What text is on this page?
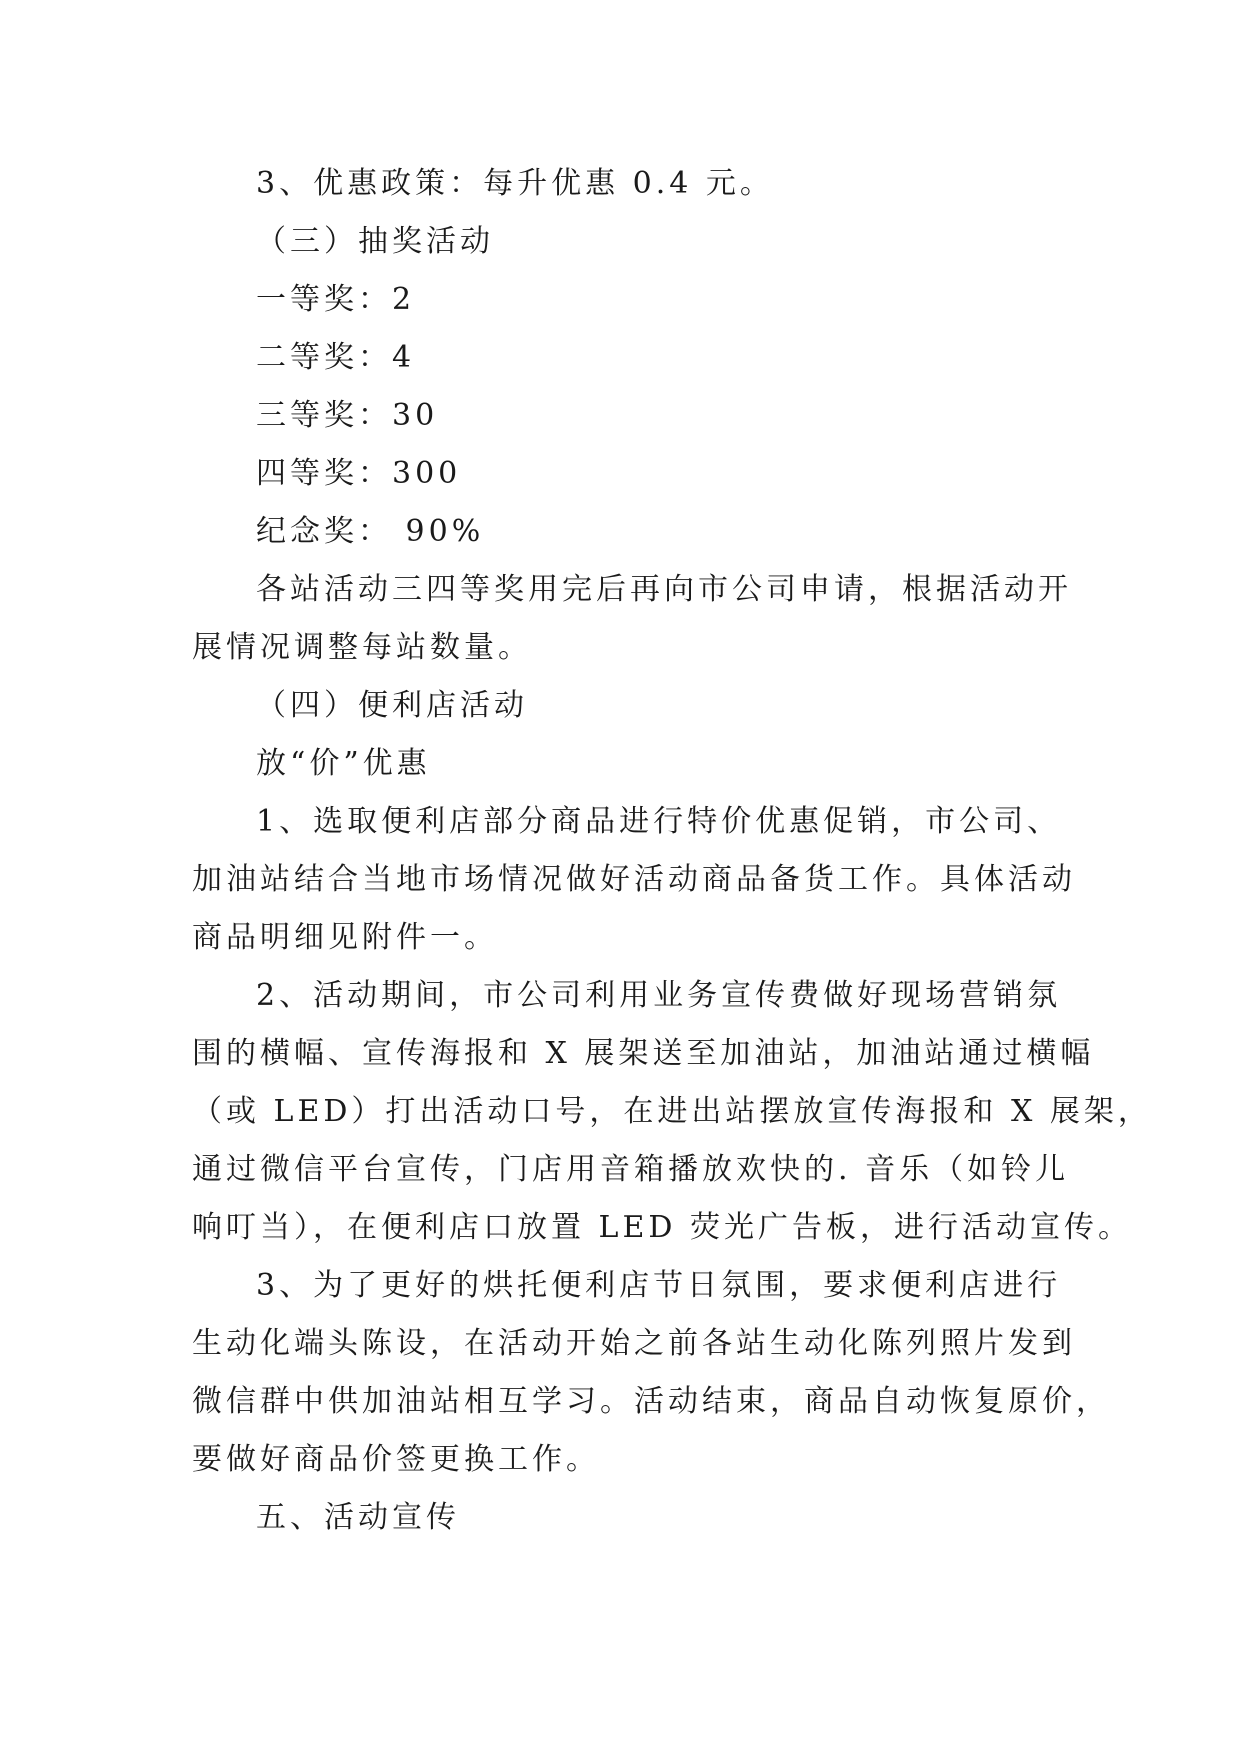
3、优惠政策：每升优惠 0.4 元。
（三）抽奖活动
一等奖：2
二等奖：4
三等奖：30
四等奖：300
纪念奖： 90%
各站活动三四等奖用完后再向市公司申请，根据活动开
展情况调整每站数量。
（四）便利店活动
放“价”优惠
1、选取便利店部分商品进行特价优惠促销，市公司、
加油站结合当地市场情况做好活动商品备货工作。具体活动
商品明细见附件一。
2、活动期间，市公司利用业务宣传费做好现场营销氛
围的横幅、宣传海报和 X 展架送至加油站，加油站通过横幅
（或 LED）打出活动口号，在进出站摆放宣传海报和 X 展架，
通过微信平台宣传，门店用音箱播放欢快的. 音乐（如铃儿
响叮当），在便利店口放置 LED 荧光广告板，进行活动宣传。
3、为了更好的烘托便利店节日氛围，要求便利店进行
生动化端头陈设，在活动开始之前各站生动化陈列照片发到
微信群中供加油站相互学习。活动结束，商品自动恢复原价，
要做好商品价签更换工作。
五、活动宣传
